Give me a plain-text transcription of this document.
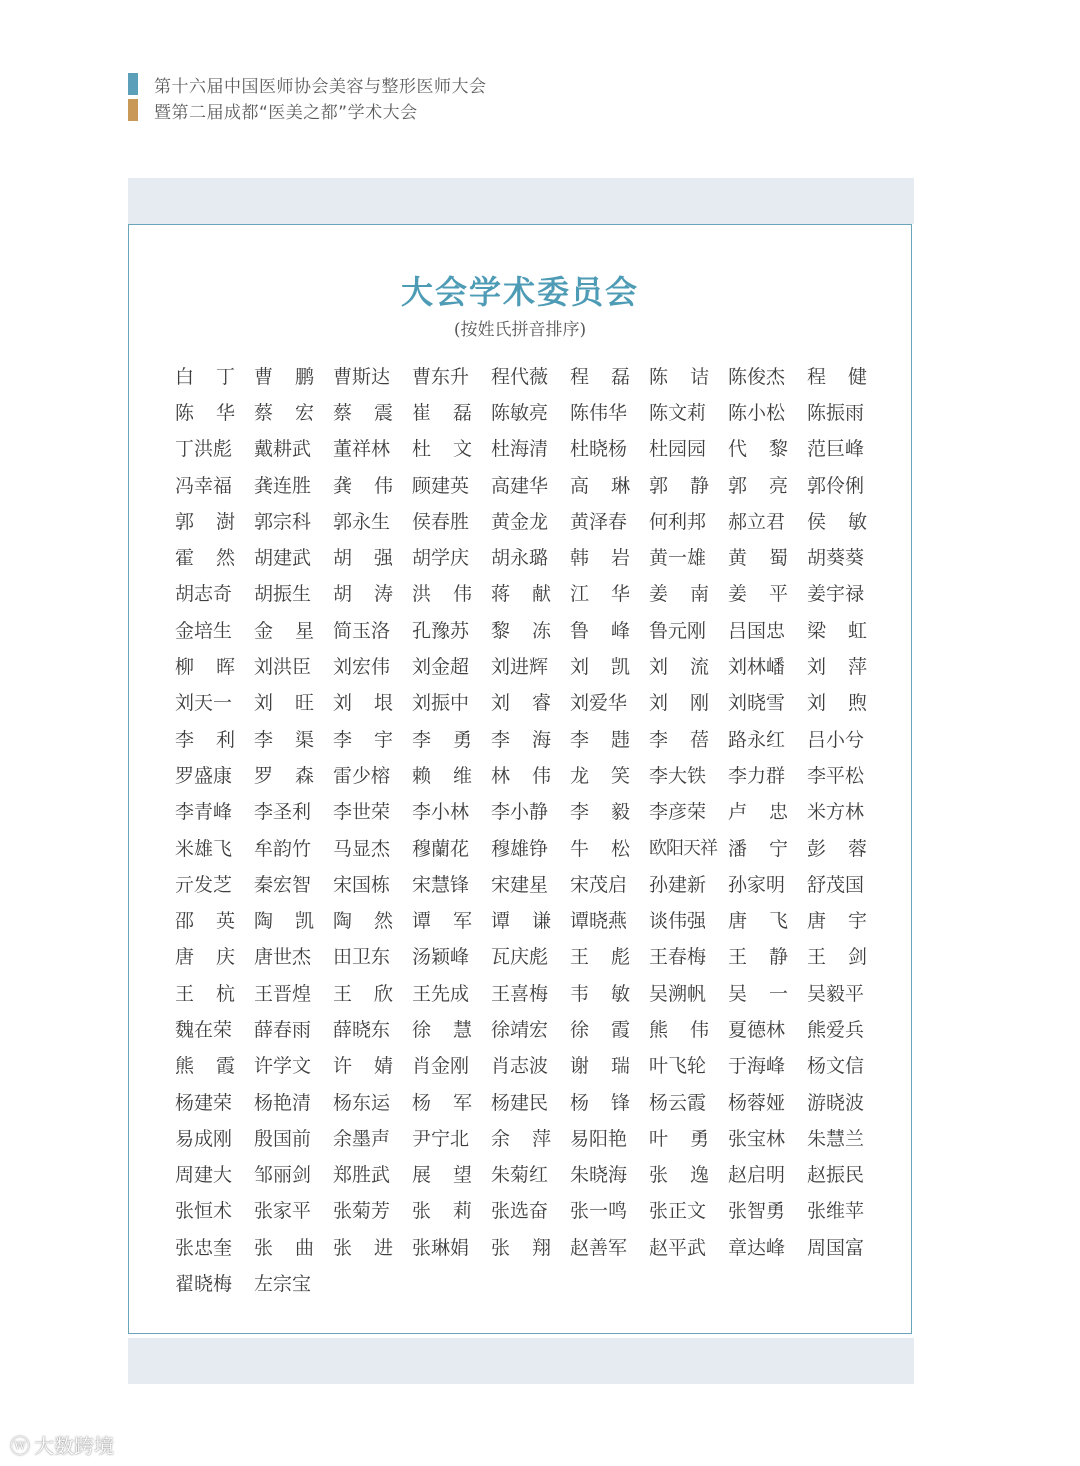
第十六届中国医师协会美容与整形医师大会
暨第二届成都“医美之都”学术大会
大会学术委员会
(按姓氏拼音排序)
白 丁 曹 鹏 曹斯达 曹东升 程代薇 程 磊 陈 诘 陈俊杰 程 健
陈 华 蔡 宏 蔡 震 崔 磊 陈敏亮 陈伟华 陈文莉 陈小松 陈振雨
丁洪彪 戴耕武 董祥林 杜 文 杜海清 杜晓杨 杜园园 代 黎 范巨峰
冯幸福 龚连胜 龚 伟 顾建英 高建华 高 琳 郭 静 郭 亮 郭伶俐
郭 澍 郭宗科 郭永生 侯春胜 黄金龙 黄泽春 何利邦 郝立君 侯 敏
霍 然 胡建武 胡 强 胡学庆 胡永璐 韩 岩 黄一雄 黄 蜀 胡葵葵
胡志奇 胡振生 胡 涛 洪 伟 蒋 献 江 华 姜 南 姜 平 姜宇禄
金培生 金 星 简玉洛 孔豫苏 黎 冻 鲁 峰 鲁元刚 吕国忠 梁 虹
柳 晖 刘洪臣 刘宏伟 刘金超 刘进辉 刘 凯 刘 流 刘林嶓 刘 萍
刘天一 刘 旺 刘 垠 刘振中 刘 睿 刘爱华 刘 刚 刘晓雪 刘 煦
李 利 李 渠 李 宇 李 勇 李 海 李 韪 李 蓓 路永红 吕小兮
罗盛康 罗 森 雷少榕 赖 维 林 伟 龙 笑 李大铁 李力群 李平松
李青峰 李圣利 李世荣 李小林 李小静 李 毅 李彦荣 卢 忠 米方林
米雄飞 牟韵竹 马显杰 穆蘭花 穆雄铮 牛 松 欧阳天祥 潘 宁 彭 蓉
亓发芝 秦宏智 宋国栋 宋慧锋 宋建星 宋茂启 孙建新 孙家明 舒茂国
邵 英 陶 凯 陶 然 谭 军 谭 谦 谭晓燕 谈伟强 唐 飞 唐 宇
唐 庆 唐世杰 田卫东 汤颖峰 瓦庆彪 王 彪 王春梅 王 静 王 剑
王 杭 王晋煌 王 欣 王先成 王喜梅 韦 敏 吴溯帆 吴 一 吴毅平
魏在荣 薛春雨 薛晓东 徐 慧 徐靖宏 徐 霞 熊 伟 夏德林 熊爱兵
熊 霞 许学文 许 婧 肖金刚 肖志波 谢 瑞 叶飞轮 于海峰 杨文信
杨建荣 杨艳清 杨东运 杨 军 杨建民 杨 锋 杨云霞 杨蓉娅 游晓波
易成刚 殷国前 余墨声 尹宁北 余 萍 易阳艳 叶 勇 张宝林 朱慧兰
周建大 邹丽剑 郑胜武 展 望 朱菊红 朱晓海 张 逸 赵启明 赵振民
张恒术 张家平 张菊芳 张 莉 张选奋 张一鸣 张正文 张智勇 张维苹
张忠奎 张 曲 张 进 张琳娟 张 翔 赵善军 赵平武 章达峰 周国富
翟晓梅 左宗宝
ⓦ 大数跨境
